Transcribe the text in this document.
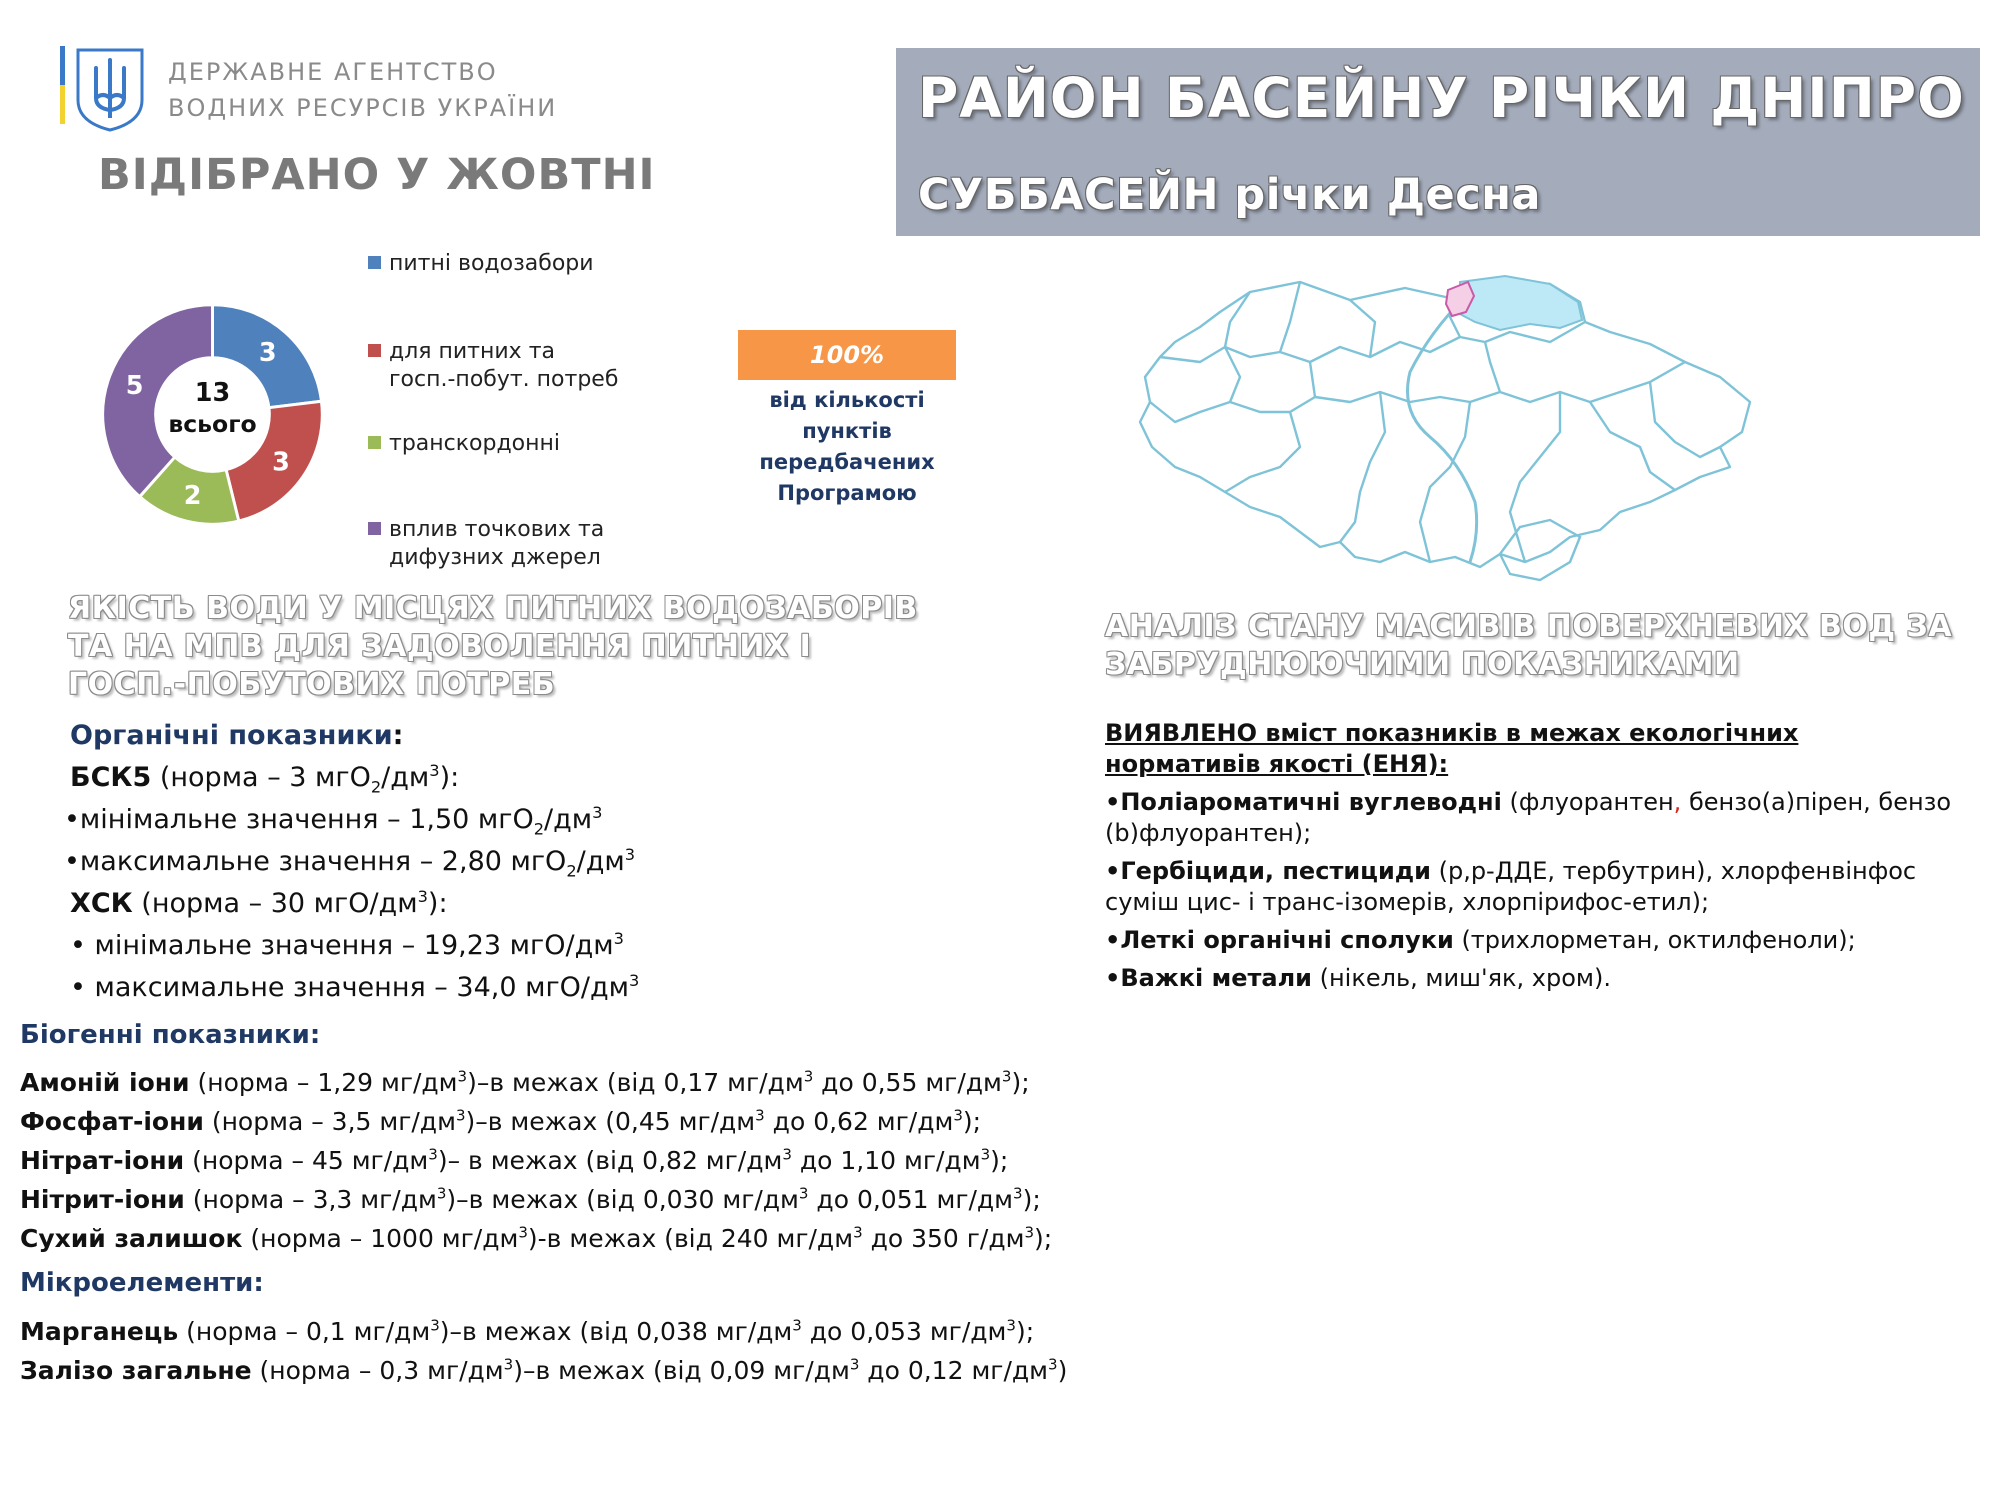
ДЕРЖАВНЕ АГЕНТСТВО
ВОДНИХ РЕСУРСІВ УКРАЇНИ
ВІДІБРАНО У ЖОВТНІ
РАЙОН БАСЕЙНУ РІЧКИ ДНІПРО
СУББАСЕЙН річки Десна
3
3
2
5 13
всього
питні водозабори
для питних та
госп.-побут. потреб
транскордонні
вплив точкових та
дифузних джерел
100%
від кількості
пунктів
передбачених
Програмою
ЯКІСТЬ ВОДИ У МІСЦЯХ ПИТНИХ ВОДОЗАБОРІВ
ТА НА МПВ ДЛЯ ЗАДОВОЛЕННЯ ПИТНИХ І
ГОСП.-ПОБУТОВИХ ПОТРЕБ
Органічні показники:
БСК5 (норма – 3 $мгО_2/дм^3$):
•мінімальне значення – 1,50 $мгО_2/дм^3$
•максимальне значення – 2,80 $мгО_2/дм^3$
ХСК (норма – 30 мгО/$дм^3$):
• мінімальне значення – 19,23 мгО/$дм^3$
• максимальне значення – 34,0 мгО/$дм^3$
Біогенні показники:
Амоній іони (норма – 1,29 $мг/дм^3)-в$ межах (від 0,17 $мг/дм^3$ до 0,55 $мг/дм^3$);
Фосфат-іони (норма – 3,5 $мг/дм^3)-в$ межах (0,45 $мг/дм^3$ до 0,62 $мг/дм^3$);
Нітрат-іони (норма – 45 $мг/дм^3)-$ в межах (від 0,82 $мг/дм^3$ до 1,10 $мг/дм^3$);
Нітрит-іони (норма – 3,3 $мг/дм^3)-в$ межах (від 0,030 $мг/дм^3$ до 0,051 $мг/дм^3$);
Сухий залишок (норма – 1000 $мг/дм^3)-в$ межах (від 240 $мг/дм^3$ до 350 $г/дм^3$);
Мікроелементи:
Марганець (норма – 0,1 $мг/дм^3)-в$ межах (від 0,038 $мг/дм^3$ до 0,053 $мг/дм^3$);
Залізо загальне (норма – 0,3 $мг/дм^3)-в$ межах (від 0,09 $мг/дм^3$ до 0,12 $мг/дм^3$)
АНАЛІЗ СТАНУ МАСИВІВ ПОВЕРХНЕВИХ ВОД ЗА
ЗАБРУДНЮЮЧИМИ ПОКАЗНИКАМИ
ВИЯВЛЕНО вміст показників в межах екологічних
нормативів якості (ЕНЯ):
•Поліароматичні вуглеводні (флуорантен, бензо(а)пірен, бензо
(b)флуорантен);
•Гербіциди, пестициди (p,p-ДДЕ, тербутрин), хлорфенвінфос
суміш цис- і транс-ізомерів, хлорпірифос-етил);
•Леткі органічні сполуки (трихлорметан, октилфеноли);
•Важкі метали (нікель, миш'як, хром).
